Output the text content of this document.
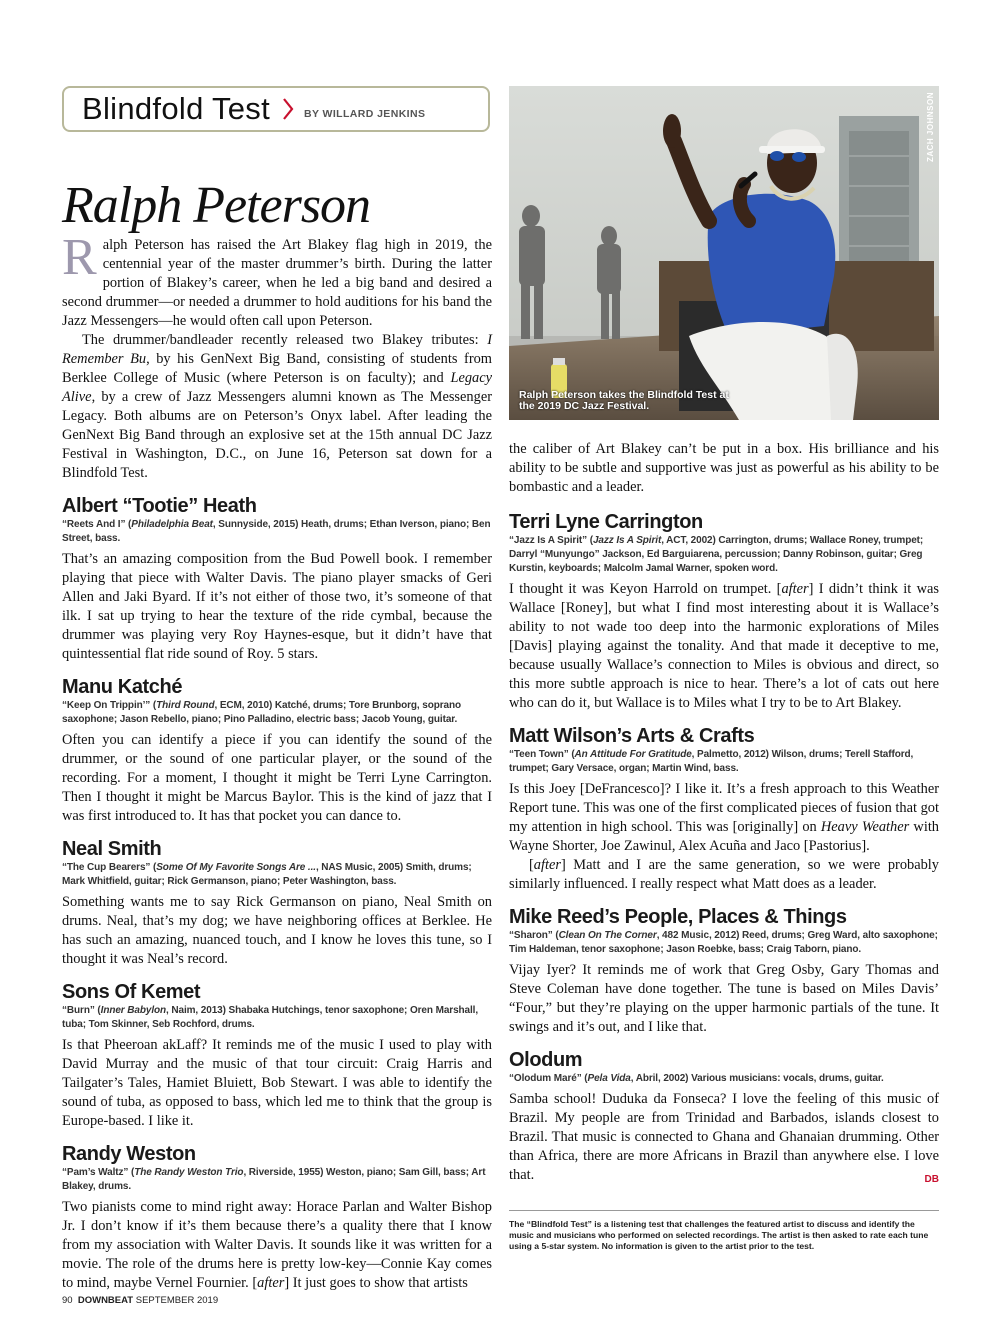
Blindfold Test	BY WILLARD JENKINS
Ralph Peterson
ZACH JOHNSON
Ralph Peterson takes the Blindfold Test at the 2019 DC Jazz Festival.

Ralph Peterson has raised the Art Blakey flag high in 2019, the centennial year of the master drummer’s birth. During the latter portion of Blakey’s career, when he led a big band and desired a second drummer—or needed a drummer to hold auditions for his band the Jazz Messengers—he would often call upon Peterson.

The drummer/bandleader recently released two Blakey tributes: I Remember Bu, by his GenNext Big Band, consisting of students from Berklee College of Music (where Peterson is on faculty); and Legacy Alive, by a crew of Jazz Messengers alumni known as The Messenger Legacy. Both albums are on Peterson’s Onyx label. After leading the GenNext Big Band through an explosive set at the 15th annual DC Jazz Festival in Washington, D.C., on June 16, Peterson sat down for a Blindfold Test.

Albert “Tootie” Heath
“Reets And I” (Philadelphia Beat, Sunnyside, 2015) Heath, drums; Ethan Iverson, piano; Ben Street, bass.

That’s an amazing composition from the Bud Powell book. I remember playing that piece with Walter Davis. The piano player smacks of Geri Allen and Jaki Byard. If it’s not either of those two, it’s someone of that ilk. I sat up trying to hear the texture of the ride cymbal, because the drummer was playing very Roy Haynes-esque, but it didn’t have that quintessential flat ride sound of Roy. 5 stars.

Manu Katché
“Keep On Trippin’” (Third Round, ECM, 2010) Katché, drums; Tore Brunborg, soprano saxophone; Jason Rebello, piano; Pino Palladino, electric bass; Jacob Young, guitar.

Often you can identify a piece if you can identify the sound of the drummer, or the sound of one particular player, or the sound of the recording. For a moment, I thought it might be Terri Lyne Carrington. Then I thought it might be Marcus Baylor. This is the kind of jazz that I was first introduced to. It has that pocket you can dance to.

Neal Smith
“The Cup Bearers” (Some Of My Favorite Songs Are ..., NAS Music, 2005) Smith, drums; Mark Whitfield, guitar; Rick Germanson, piano; Peter Washington, bass.

Something wants me to say Rick Germanson on piano, Neal Smith on drums. Neal, that’s my dog; we have neighboring offices at Berklee. He has such an amazing, nuanced touch, and I know he loves this tune, so I thought it was Neal’s record.

Sons Of Kemet
“Burn” (Inner Babylon, Naim, 2013) Shabaka Hutchings, tenor saxophone; Oren Marshall, tuba; Tom Skinner, Seb Rochford, drums.

Is that Pheeroan akLaff? It reminds me of the music I used to play with David Murray and the music of that tour circuit: Craig Harris and Tailgater’s Tales, Hamiet Bluiett, Bob Stewart. I was able to identify the sound of tuba, as opposed to bass, which led me to think that the group is Europe-based. I like it.

Randy Weston
“Pam’s Waltz” (The Randy Weston Trio, Riverside, 1955) Weston, piano; Sam Gill, bass; Art Blakey, drums.

Two pianists come to mind right away: Horace Parlan and Walter Bishop Jr. I don’t know if it’s them because there’s a quality there that I know from my association with Walter Davis. It sounds like it was written for a movie. The role of the drums here is pretty low-key—Connie Kay comes to mind, maybe Vernel Fournier. [after] It just goes to show that artists

the caliber of Art Blakey can’t be put in a box. His brilliance and his ability to be subtle and supportive was just as powerful as his ability to be bombastic and a leader.

Terri Lyne Carrington
“Jazz Is A Spirit” (Jazz Is A Spirit, ACT, 2002) Carrington, drums; Wallace Roney, trumpet; Darryl “Munyungo” Jackson, Ed Barguiarena, percussion; Danny Robinson, guitar; Greg Kurstin, keyboards; Malcolm Jamal Warner, spoken word.

I thought it was Keyon Harrold on trumpet. [after] I didn’t think it was Wallace [Roney], but what I find most interesting about it is Wallace’s ability to not wade too deep into the harmonic explorations of Miles [Davis] playing against the tonality. And that made it deceptive to me, because usually Wallace’s connection to Miles is obvious and direct, so this more subtle approach is nice to hear. There’s a lot of cats out here who can do it, but Wallace is to Miles what I try to be to Art Blakey.

Matt Wilson’s Arts & Crafts
“Teen Town” (An Attitude For Gratitude, Palmetto, 2012) Wilson, drums; Terell Stafford, trumpet; Gary Versace, organ; Martin Wind, bass.

Is this Joey [DeFrancesco]? I like it. It’s a fresh approach to this Weather Report tune. This was one of the first complicated pieces of fusion that got my attention in high school. This was [originally] on Heavy Weather with Wayne Shorter, Joe Zawinul, Alex Acuña and Jaco [Pastorius].

[after] Matt and I are the same generation, so we were probably similarly influenced. I really respect what Matt does as a leader.

Mike Reed’s People, Places & Things
“Sharon” (Clean On The Corner, 482 Music, 2012) Reed, drums; Greg Ward, alto saxophone; Tim Haldeman, tenor saxophone; Jason Roebke, bass; Craig Taborn, piano.

Vijay Iyer? It reminds me of work that Greg Osby, Gary Thomas and Steve Coleman have done together. The tune is based on Miles Davis’ “Four,” but they’re playing on the upper harmonic partials of the tune. It swings and it’s out, and I like that.

Olodum
“Olodum Maré” (Pela Vida, Abril, 2002) Various musicians: vocals, drums, guitar.

Samba school! Duduka da Fonseca? I love the feeling of this music of Brazil. My people are from Trinidad and Barbados, islands closest to Brazil. That music is connected to Ghana and Ghanaian drumming. Other than Africa, there are more Africans in Brazil than anywhere else. I love that.	DB

The “Blindfold Test” is a listening test that challenges the featured artist to discuss and identify the music and musicians who performed on selected recordings. The artist is then asked to rate each tune using a 5-star system. No information is given to the artist prior to the test.
90 DOWNBEAT SEPTEMBER 2019
